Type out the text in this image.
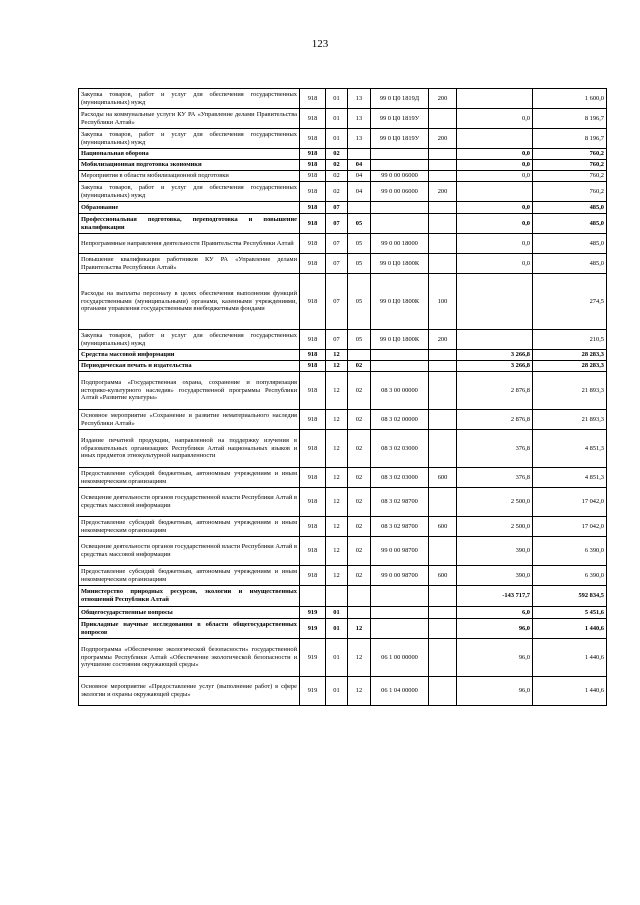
123
Закупка товаров, работ и услуг для обеспечения государственных (муниципальных) нужд	918	01	13	99 0 Ц0 1819Д	200		1 600,0
Расходы на коммунальные услуги КУ РА «Управление делами Правительства Республики Алтай»	918	01	13	99 0 Ц0 1819У		0,0	8 196,7
Закупка товаров, работ и услуг для обеспечения государственных (муниципальных) нужд	918	01	13	99 0 Ц0 1819У	200		8 196,7
Национальная оборона	918	02				0,0	760,2
Мобилизационная подготовка экономики	918	02	04			0,0	760,2
Мероприятия в области мобилизационной подготовки	918	02	04	99 0 00 06000		0,0	760,2
Закупка товаров, работ и услуг для обеспечения государственных (муниципальных) нужд	918	02	04	99 0 00 06000	200		760,2
Образование	918	07				0,0	485,0
Профессиональная подготовка, переподготовка и повышение квалификации	918	07	05			0,0	485,0
Непрограммные направления деятельности Правительства Республики Алтай	918	07	05	99 0 00 18000		0,0	485,0
Повышение квалификации работников КУ РА «Управление делами Правительства Республики Алтай»	918	07	05	99 0 Ц0 1800К		0,0	485,0
Расходы на выплаты персоналу в целях обеспечения выполнения функций государственными (муниципальными) органами, казенными учреждениями, органами управления государственными внебюджетными фондами	918	07	05	99 0 Ц0 1800К	100		274,5
Закупка товаров, работ и услуг для обеспечения государственных (муниципальных) нужд	918	07	05	99 0 Ц0 1800К	200		210,5
Средства массовой информации	918	12				3 266,8	28 283,3
Периодическая печать и издательства	918	12	02			3 266,8	28 283,3
Подпрограмма «Государственная охрана, сохранение и популяризация историко-культурного наследия» государственной программы Республики Алтай «Развитие культуры»	918	12	02	08 3 00 00000		2 876,8	21 893,3
Основное мероприятие «Сохранение и развитие нематериального наследия Республики Алтай»	918	12	02	08 3 02 00000		2 876,8	21 893,3
Издание печатной продукции, направленной на поддержку изучения в образовательных организациях Республики Алтай национальных языков и иных предметов этнокультурной направленности	918	12	02	08 3 02 03000		376,8	4 851,3
Предоставление субсидий бюджетным, автономным учреждениям и иным некоммерческим организациям	918	12	02	08 3 02 03000	600	376,8	4 851,3
Освещение деятельности органов государственной власти Республики Алтай в средствах массовой информации	918	12	02	08 3 02 98700		2 500,0	17 042,0
Предоставление субсидий бюджетным, автономным учреждениям и иным некоммерческим организациям	918	12	02	08 3 02 98700	600	2 500,0	17 042,0
Освещение деятельности органов государственной власти Республики Алтай в средствах массовой информации	918	12	02	99 0 00 98700		390,0	6 390,0
Предоставление субсидий бюджетным, автономным учреждениям и иным некоммерческим организациям	918	12	02	99 0 00 98700	600	390,0	6 390,0
Министерство природных ресурсов, экологии и имущественных отношений Республики Алтай						-143 717,7	592 834,5
Общегосударственные вопросы	919	01				6,0	5 451,6
Прикладные научные исследования в области общегосударственных вопросов	919	01	12			96,0	1 440,6
Подпрограмма «Обеспечение экологической безопасности» государственной программы Республики Алтай «Обеспечение экологической безопасности и улучшение состояния окружающей среды»	919	01	12	06 1 00 00000		96,0	1 440,6
Основное мероприятие «Предоставление услуг (выполнение работ) в сфере экологии и охраны окружающей среды»	919	01	12	06 1 04 00000		96,0	1 440,6
